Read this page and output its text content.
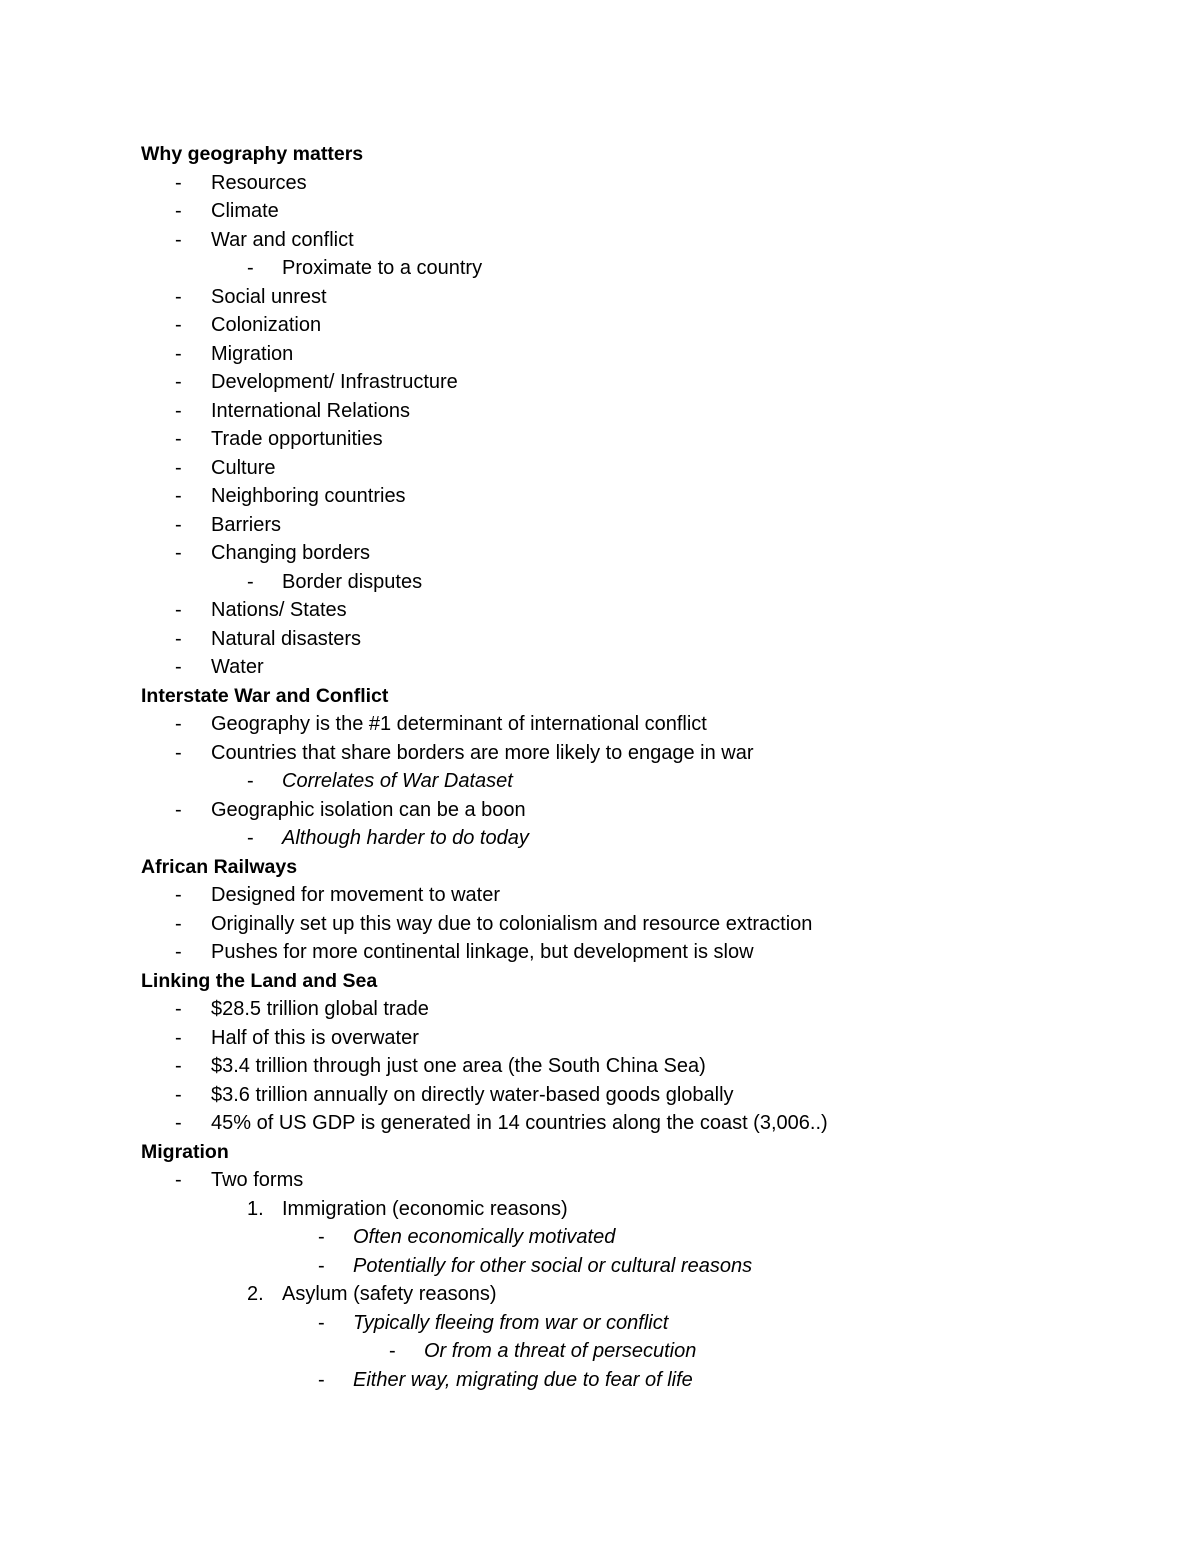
Why geography matters
- Resources
- Climate
- War and conflict
- Proximate to a country
- Social unrest
- Colonization
- Migration
- Development/ Infrastructure
- International Relations
- Trade opportunities
- Culture
- Neighboring countries
- Barriers
- Changing borders
- Border disputes
- Nations/ States
- Natural disasters
- Water
Interstate War and Conflict
- Geography is the #1 determinant of international conflict
- Countries that share borders are more likely to engage in war
- Correlates of War Dataset
- Geographic isolation can be a boon
- Although harder to do today
African Railways
- Designed for movement to water
- Originally set up this way due to colonialism and resource extraction
- Pushes for more continental linkage, but development is slow
Linking the Land and Sea
- $28.5 trillion global trade
- Half of this is overwater
- $3.4 trillion through just one area (the South China Sea)
- $3.6 trillion annually on directly water-based goods globally
- 45% of US GDP is generated in 14 countries along the coast (3,006..)
Migration
- Two forms
1. Immigration (economic reasons)
- Often economically motivated
- Potentially for other social or cultural reasons
2. Asylum (safety reasons)
- Typically fleeing from war or conflict
- Or from a threat of persecution
- Either way, migrating due to fear of life
